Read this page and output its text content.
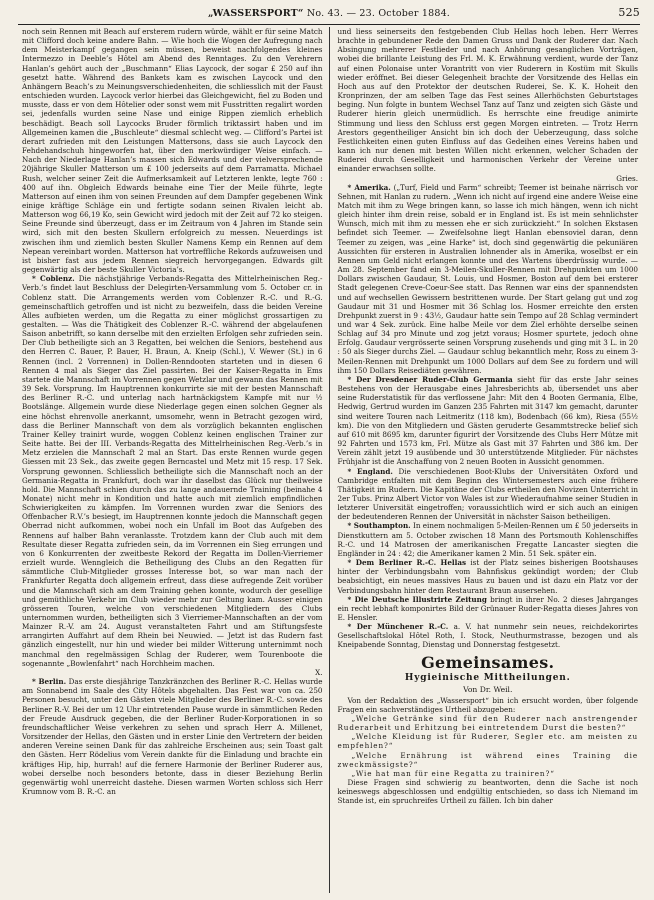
„WASSERSPORT“ No. 43. — 23. October 1884.	525

noch sein Rennen mit Beach auf ersterem rudern würde, wählt er für seine Match mit Clifford doch keine andere Bahn. — Wie hoch die Wogen der Aufregung nach dem Meisterkampf gegangen sein müssen, beweist nachfolgendes kleines Intermezzo in Deeble’s Hôtel am Abend des Renntages. Zu den Verehrern Hanlan’s gehört auch der „Buschmann“ Elias Laycock, der sogar £ 250 auf ihn gesetzt hatte. Während des Bankets kam es zwischen Laycock und den Anhängern Beach’s zu Meinungsverschiedenheiten, die schliesslich mit der Faust entschieden wurden. Laycock verlor hierbei das Gleichgewicht, fiel zu Boden und musste, dass er von dem Hôtelier oder sonst wem mit Fusstritten regalirt worden sei, jedenfalls wurden seine Nase und einige Rippen ziemlich erheblich beschädigt. Beach soll Laycocks Bruder förmlich triktassirt haben und im Allgemeinen kamen die „Buschleute“ diesmal schlecht weg. — Clifford’s Partei ist derart zufrieden mit den Leistungen Mattersons, dass sie auch Laycock den Fehdehandschuh hingeworfen hat, über den merkwürdiger Weise einfach. — Nach der Niederlage Hanlan’s massen sich Edwards und der vielversprechende 20jährige Skuller Matterson um £ 100 jederseits auf dem Parramatta. Michael Rush, welcher seiner Zeit die Aufmerksamkeit auf Letzteren lenkte, legte 760 : 400 auf ihn. Obgleich Edwards beinahe eine Tier der Meile führte, legte Matterson auf einen ihm von seinen Freunden auf dem Dampfer gegebenen Wink einige kräftige Schläge ein und fertigte sodann seinen Rivalen leicht ab. Matterson wog 66,19 Ko, sein Gewicht wird jedoch mit der Zeit auf 72 ko steigen. Seine Freunde sind überzeugt, dass er im Zeitraum von 4 Jahren im Stande sein wird, sich mit den besten Skullern erfolgreich zu messen. Neuerdings ist zwischen ihm und ziemlich besten Skuller Namens Kemp ein Rennen auf dem Nepean vereinbart worden. Matterson hat vortreffliche Rekords aufzuweisen und ist bisher fast aus jedem Rennen siegreich hervorgegangen. Edwards gilt gegenwärtig als der beste Skuller Victoria’s.

* Coblenz. Die nächstjährige Verbands-Regatta des Mittelrheinischen Reg.-Verb.’s findet laut Beschluss der Delegirten-Versammlung vom 5. October cr. in Coblenz statt. Die Arrangements werden vom Coblenzer R.-C. und R.-G. gemeinschaftlich getroffen und ist nicht zu bezweifeln, dass die beiden Vereine Alles aufbieten werden, um die Regatta zu einer möglichst grossartigen zu gestalten. — Was die Thätigkeit des Coblenzer R.-C. während der abgelaufenen Saison anbetrifft, so kann derselbe mit den erzielten Erfolgen sehr zufrieden sein. Der Club betheiligte sich an 3 Regatten, bei welchen die Seniors, bestehend aus den Herren C. Bauer, P. Bauer, H. Braun, A. Kneip (Schl.), V. Wewer (St.) in 6 Rennen (incl. 2 Vorrennen) in Dollen-Renndooten starteten und in diesen 6 Rennen 4 mal als Sieger das Ziel passirten. Bei der Kaiser-Regatta in Ems startete die Mannschaft im Vorrennen gegen Wetzlar und gewann das Rennen mit 39 Sek. Vorsprung. Im Hauptrennen konkurrirte sie mit der besten Mannschaft des Berliner R.-C. und unterlag nach hartnäckigstem Kampfe mit nur ½ Bootslänge. Allgemein wurde diese Niederlage gegen einen solchen Gegner als eine höchst ehrenvolle anerkannt, umsomehr, wenn in Betracht gezogen wird, dass die Berliner Mannschaft von dem als vorzüglich bekannten englischen Trainer Kelley trainirt wurde, woggen Coblenz keinen englischen Trainer zur Seite hatte. Bei der III. Verbands-Regatta des Mittelrheinischen Reg.-Verb.’s in Metz erzielen die Mannschaft 2 mal an Start. Das erste Rennen wurde gegen Giessen mit 23 Sek., das zweite gegen Berncastel und Metz mit 15 resp. 17 Sek. Vorsprung gewonnen. Schliesslich betheiligte sich die Mannschaft noch an der Germania-Regatta in Frankfurt, doch war ihr daselbst das Glück nur theilweise hold. Die Mannschaft schien durch das zu lange andauernde Training (beinahe 4 Monate) nicht mehr in Kondition und hatte auch mit ziemlich empfindlichen Schwierigkeiten zu kämpfen. Im Vorrennen wurden zwar die Seniors des Offenbacher R.V.’s besiegt, im Hauptrennen konnte jedoch die Mannschaft gegen Oberrad nicht aufkommen, wobei noch ein Unfall im Boot das Aufgeben des Rennens auf halber Bahn veranlasste. Trotzdem kann der Club auch mit dem Resultate dieser Regatta zufrieden sein, da im Vorrennen ein Sieg errungen und von 6 Konkurrenten der zweitbeste Rekord der Regatta im Dollen-Vierriemer erzielt wurde. Wenngleich die Betheiligung des Clubs an den Regatten für sämmtliche Club-Mitglieder grosses Interesse bot, so war man nach der Frankfurter Regatta doch allgemein erfreut, dass diese aufregende Zeit vorüber und die Mannschaft sich am dem Training gehen konnte, wodurch der gesellige und gemüthliche Verkehr im Club wieder mehr zur Geltung kam. Ausser einigen grösseren Touren, welche von verschiedenen Mitgliedern des Clubs unternommen wurden, betheiligten sich 3 Vierriemer-Mannschaften an der vom Mainzer R.-V. am 24. August veranstalteten Fahrt und am Stiftungsfeste arrangirten Auffahrt auf dem Rhein bei Neuwied. — Jetzt ist das Rudern fast gänzlich eingestellt, nur hin und wieder bei milder Witterung unternimmt noch manchmal den regelmässigen Schlag der Ruderer, wem Tourenboote die sogenannte „Bowlenfahrt“ nach Horchheim machen.

X.

* Berlin. Das erste diesjährige Tanzkränzchen des Berliner R.-C. Hellas wurde am Sonnabend im Saale des City Hôtels abgehalten. Das Fest war von ca. 250 Personen besucht, unter den Gästen viele Mitglieder des Berliner R.-C. sowie des Berliner R.-V. Bei der um 12 Uhr eintretenden Pause wurde in sämmtlichen Reden der Freude Ausdruck gegeben, die der Berliner Ruder-Korporationen in so freundschaftlicher Weise verkehren zu sehen und sprach Herr A. Millenet, Vorsitzender der Hellas, den Gästen und in erster Linie den Vertretern der beiden anderen Vereine seinen Dank für das zahlreiche Erscheinen aus; sein Toast galt den Gästen. Herr Rödelius vom Verein dankte für die Einladung und brachte ein kräftiges Hip, hip, hurrah! auf die fernere Harmonie der Berliner Ruderer aus, wobei derselbe noch besonders betonte, dass in dieser Beziehung Berlin gegenwärtig wohl unerreicht dastehe. Diesen warmen Worten schloss sich Herr Krumnow vom B. R.-C. an

und liess seinerseits den festgebenden Club Hellas hoch leben. Herr Werres brachte in gebundener Rede den Damen Gruss und Dank der Ruderer dar. Nach Absingung mehrerer Festlieder und nach Anhörung gesanglichen Vorträgen, wobei die brillante Leistung des Frl. M. K. Erwähnung verdient, wurde der Tanz auf einen Polonaise unter Vorantritt von vier Ruderern in Kostüm mit Skulls wieder eröffnet. Bei dieser Gelegenheit brachte der Vorsitzende des Hellas ein Hoch aus auf den Protektor der deutschen Ruderei, Se. K. K. Hoheit den Kronprinzen, der am selben Tage das Fest seines Allerhöchsten Geburtstages beging. Nun folgte in buntem Wechsel Tanz auf Tanz und zeigten sich Gäste und Ruderer hierin gleich unermüdlich. Es herrschte eine freudige animirte Stimmung und liess den Schluss erst gegen Morgen eintreten. — Trotz Herrn Arestors gegentheiliger Ansicht bin ich doch der Ueberzeugung, dass solche Festlichkeiten einen guten Einfluss auf das Gedeihen eines Vereins haben und kann ich nur denen mit besten Willen nicht erkennen, welcher Schaden der Ruderei durch Geselligkeit und harmonischen Verkehr der Vereine unter einander erwachsen sollte.

Gries.

* Amerika. („Turf, Field und Farm“ schreibt; Teemer ist beinahe närrisch vor Sehnen, mit Hanlan zu rudern. „Wenn ich nicht auf irgend eine andere Weise eine Match mit ihm zu Wege bringen kann, so lasse ich mich hängen, wenn ich nicht gleich hinter ihm drein reise, sobald er in England ist. Es ist mein sehnlichster Wunsch, mich mit ihm zu messen ehe er sich zurückzieht.“ In solchen Ekstasen befindet sich Teemer. — Zweifelsohne liegt Hanlan ebensoviel daran, denn Teemer zu zeigen, was „eine Harke“ ist, doch sind gegenwärtig die pekuniären Aussichten für ersteren in Australien lohnender als in Amerika, woselbst er ein Rennen um Geld nicht erlangen konnte und des Wartens überdrüssig wurde. — Am 28. September fand ein 3-Meilen-Skuller-Rennen mit Drehpunkten um 1000 Dollars zwischen Gaudaur, St. Louis, und Hosmer, Boston auf dem bei ersterer Stadt gelegenen Creve-Coeur-See statt. Das Rennen war eins der spannendsten und auf wechsellen Gewissern bestrittenen wurde. Der Start gelang gut und zog Gaudaur mit 31 und Hosmer mit 36 Schlag los. Hosmer erreichte den ersten Drehpunkt zuerst in 9 : 43½, Gaudaur hatte sein Tempo auf 28 Schlag vermindert und war 4 Sek. zurück. Eine halbe Meile vor dem Ziel erhöhte derselbe seinen Schlag auf 34 pro Minute und zog jetzt voraus; Hosmer spurtete, jedoch ohne Erfolg. Gaudaur vergrösserte seinen Vorsprung zusehends und ging mit 3 L. in 20 : 50 als Sieger durchs Ziel. — Gaudaur schlug bekanntlich mehr, Ross zu einem 3-Meilen-Rennen mit Drehpunkt um 1000 Dollars auf dem See zu fordern und will ihm 150 Dollars Reisediäten gewähren.

* Der Dresdener Ruder-Club Germania sieht für das erste Jahr seines Bestehens von der Herausgabe eines Jahresberichts ab, übersendet uns aber seine Ruderstatistik für das verflossene Jahr: Mit den 4 Booten Germania, Elbe, Hedwig, Gertrud wurden im Ganzen 235 Fahrten mit 3147 km gemacht, darunter sind weitere Touren nach Leitmeritz (118 km), Bodenbach (66 km), Riesa (55½ km). Die von den Mitgliedern und Gästen geruderte Gesammtstrecke belief sich auf 610 mit 8695 km, darunter figurirt der Vorsitzende des Clubs Herr Mütze mit 92 Fahrten und 1573 km, Frl. Mütze als Gast mit 37 Fahrten und 386 km. Der Verein zählt jetzt 19 ausübende und 30 unterstützende Mitglieder. Für nächstes Frühjahr ist die Anschaffung von 2 neuen Booten in Aussicht genommen.

* England. Die verschiedenen Boot-Klubs der Universitäten Oxford und Cambridge entfalten mit dem Beginn des Wintersemesters auch eine frühere Thätigkeit im Rudern. Die Kapitäne der Clubs ertheilen den Novizen Unterricht in 2er Tubs. Prinz Albert Victor von Wales ist zur Wiederaufnahme seiner Studien in letzterer Universität eingetroffen; voraussichtlich wird er sich auch an einigen der bedeutenderen Rennen der Universität in nächster Saison betheiligen.

* Southampton. In einem nochmaligen 5-Meilen-Rennen um £ 50 jederseits in Dienstkuttern am 5. October zwischen 18 Mann des Portsmouth Kohlenschiffes R.-C. und 14 Matrosen der amerikanischen Fregatte Lancaster siegten die Engländer in 24 : 42; die Amerikaner kamen 2 Min. 51 Sek. später ein.

* Dem Berliner R.-C. Hellas ist der Platz seines bisherigen Bootshauses hinter der Verbindungsbahn vom Bahnfiskus gekündigt worden; der Club beabsichtigt, ein neues massives Haus zu bauen und ist dazu ein Platz vor der Verbindungsbahn hinter dem Restaurant Braun ausersehen.

* Die Deutsche Illustrirte Zeitung bringt in ihrer No. 2 dieses Jahrganges ein recht lebhaft komponirtes Bild der Grünauer Ruder-Regatta dieses Jahres von E. Hensler.

* Der Münchener R.-C. a. V. hat nunmehr sein neues, reichdekorirtes Gesellschaftslokal Hôtel Roth, I. Stock, Neuthurmstrasse, bezogen und als Kneipabende Sonntag, Dienstag und Donnerstag festgesetzt.

Gemeinsames.
Hygieinische Mittheilungen.
Von Dr. Weil.

Von der Redaktion des „Wassersport“ bin ich ersucht worden, über folgende Fragen ein sachverständiges Urtheil abzugeben:

„Welche Getränke sind für den Ruderer nach anstrengender Ruderarbeit und Erhitzung bei eintretendem Durst die besten?“

„Welche Kleidung ist für Ruderer, Segler etc. am meisten zu empfehlen?“

„Welche Ernährung ist während eines Training die zweckmässigste?“

„Wie hat man für eine Regatta zu trainiren?“

Diese Fragen sind schwierig zu beantworten, denn die Sache ist noch keineswegs abgeschlossen und endgültig entschieden, so dass ich Niemand im Stande ist, ein spruchreifes Urtheil zu fällen. Ich bin daher
